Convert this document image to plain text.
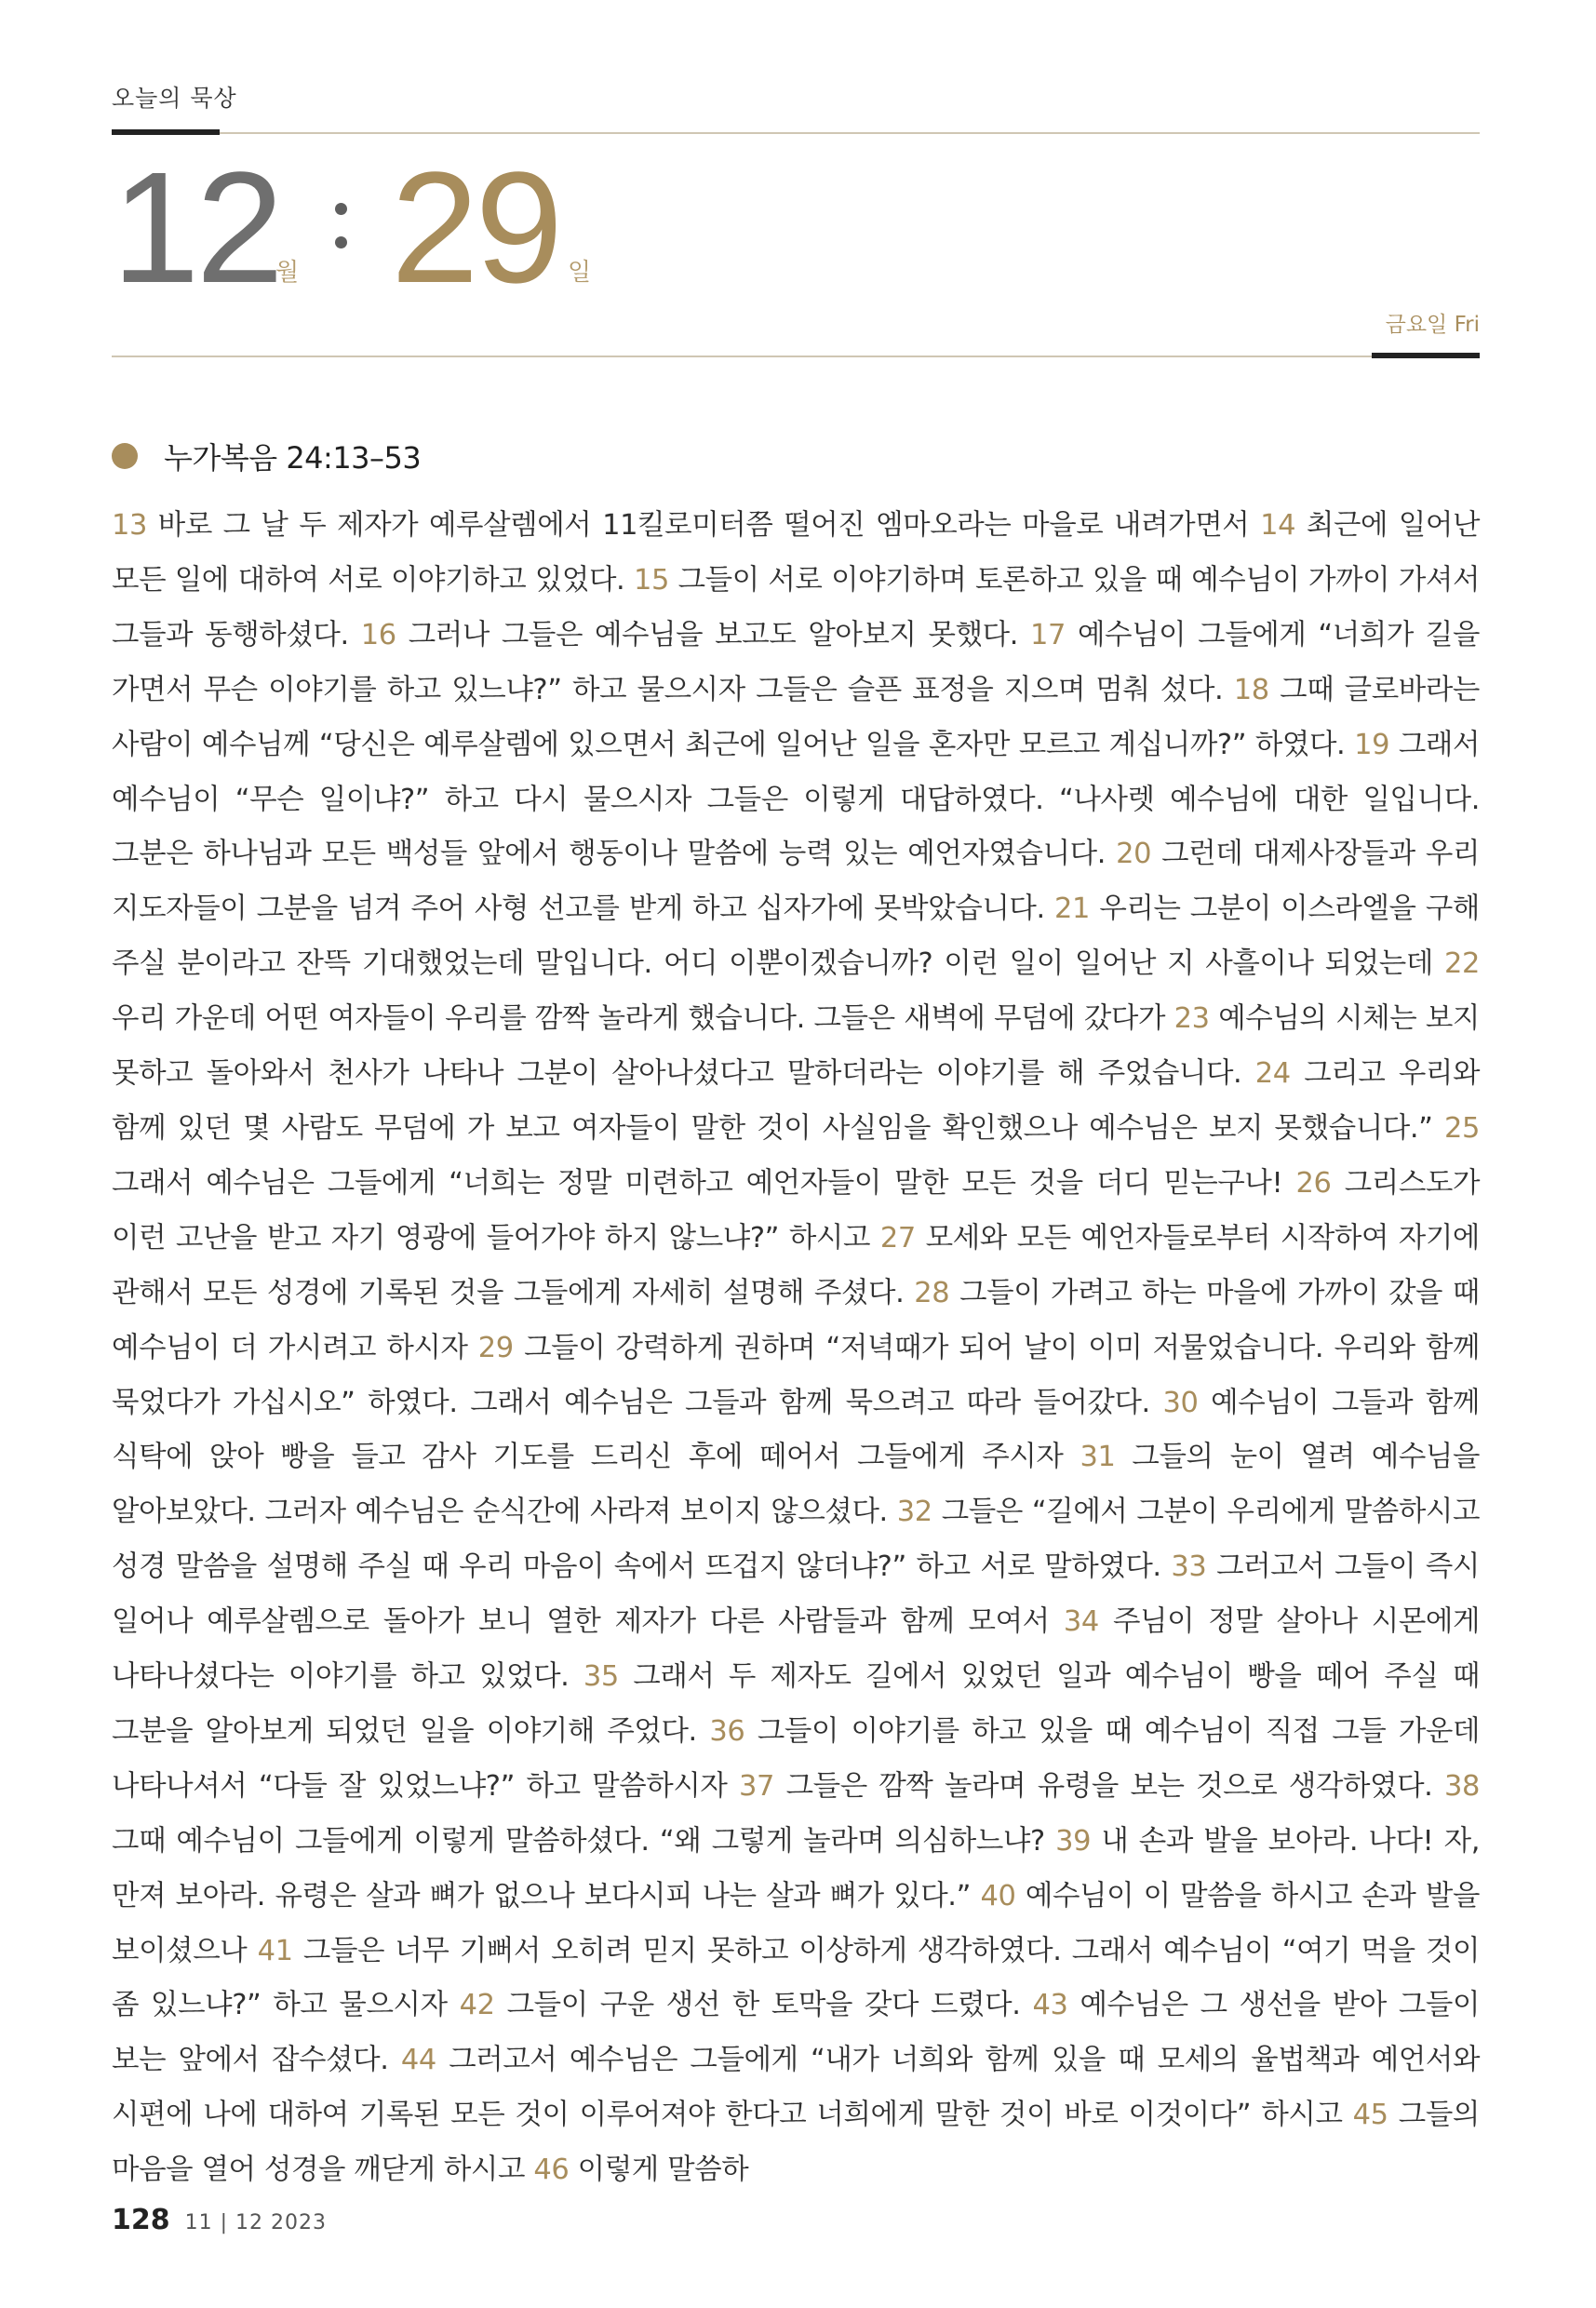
오늘의 묵상
12
월 29 일
금요일 Fri
누가복음 24:13–53
13 바로 그 날 두 제자가 예루살렘에서 11킬로미터쯤 떨어진 엠마오라는 마을로 내려가면서 14 최근에 일어난 모든 일에 대하여 서로 이야기하고 있었다. 15 그들이 서로 이야기하며 토론하고 있을 때 예수님이 가까이 가셔서 그들과 동행하셨다. 16 그러나 그들은 예수님을 보고도 알아보지 못했다. 17 예수님이 그들에게 “너희가 길을 가면서 무슨 이야기를 하고 있느냐?” 하고 물으시자 그들은 슬픈 표정을 지으며 멈춰 섰다. 18 그때 글로바라는 사람이 예수님께 “당신은 예루살렘에 있으면서 최근에 일어난 일을 혼자만 모르고 계십니까?” 하였다. 19 그래서 예수님이 “무슨 일이냐?” 하고 다시 물으시자 그들은 이렇게 대답하였다. “나사렛 예수님에 대한 일입니다. 그분은 하나님과 모든 백성들 앞에서 행동이나 말씀에 능력 있는 예언자였습니다. 20 그런데 대제사장들과 우리 지도자들이 그분을 넘겨 주어 사형 선고를 받게 하고 십자가에 못박았습니다. 21 우리는 그분이 이스라엘을 구해 주실 분이라고 잔뜩 기대했었는데 말입니다. 어디 이뿐이겠습니까? 이런 일이 일어난 지 사흘이나 되었는데 22 우리 가운데 어떤 여자들이 우리를 깜짝 놀라게 했습니다. 그들은 새벽에 무덤에 갔다가 23 예수님의 시체는 보지 못하고 돌아와서 천사가 나타나 그분이 살아나셨다고 말하더라는 이야기를 해 주었습니다. 24 그리고 우리와 함께 있던 몇 사람도 무덤에 가 보고 여자들이 말한 것이 사실임을 확인했으나 예수님은 보지 못했습니다.” 25 그래서 예수님은 그들에게 “너희는 정말 미련하고 예언자들이 말한 모든 것을 더디 믿는구나! 26 그리스도가 이런 고난을 받고 자기 영광에 들어가야 하지 않느냐?” 하시고 27 모세와 모든 예언자들로부터 시작하여 자기에 관해서 모든 성경에 기록된 것을 그들에게 자세히 설명해 주셨다. 28 그들이 가려고 하는 마을에 가까이 갔을 때 예수님이 더 가시려고 하시자 29 그들이 강력하게 권하며 “저녁때가 되어 날이 이미 저물었습니다. 우리와 함께 묵었다가 가십시오” 하였다. 그래서 예수님은 그들과 함께 묵으려고 따라 들어갔다. 30 예수님이 그들과 함께 식탁에 앉아 빵을 들고 감사 기도를 드리신 후에 떼어서 그들에게 주시자 31 그들의 눈이 열려 예수님을 알아보았다. 그러자 예수님은 순식간에 사라져 보이지 않으셨다. 32 그들은 “길에서 그분이 우리에게 말씀하시고 성경 말씀을 설명해 주실 때 우리 마음이 속에서 뜨겁지 않더냐?” 하고 서로 말하였다. 33 그러고서 그들이 즉시 일어나 예루살렘으로 돌아가 보니 열한 제자가 다른 사람들과 함께 모여서 34 주님이 정말 살아나 시몬에게 나타나셨다는 이야기를 하고 있었다. 35 그래서 두 제자도 길에서 있었던 일과 예수님이 빵을 떼어 주실 때 그분을 알아보게 되었던 일을 이야기해 주었다. 36 그들이 이야기를 하고 있을 때 예수님이 직접 그들 가운데 나타나셔서 “다들 잘 있었느냐?” 하고 말씀하시자 37 그들은 깜짝 놀라며 유령을 보는 것으로 생각하였다. 38 그때 예수님이 그들에게 이렇게 말씀하셨다. “왜 그렇게 놀라며 의심하느냐? 39 내 손과 발을 보아라. 나다! 자, 만져 보아라. 유령은 살과 뼈가 없으나 보다시피 나는 살과 뼈가 있다.” 40 예수님이 이 말씀을 하시고 손과 발을 보이셨으나 41 그들은 너무 기뻐서 오히려 믿지 못하고 이상하게 생각하였다. 그래서 예수님이 “여기 먹을 것이 좀 있느냐?” 하고 물으시자 42 그들이 구운 생선 한 토막을 갖다 드렸다. 43 예수님은 그 생선을 받아 그들이 보는 앞에서 잡수셨다. 44 그러고서 예수님은 그들에게 “내가 너희와 함께 있을 때 모세의 율법책과 예언서와 시편에 나에 대하여 기록된 모든 것이 이루어져야 한다고 너희에게 말한 것이 바로 이것이다” 하시고 45 그들의 마음을 열어 성경을 깨닫게 하시고 46 이렇게 말씀하
128 11 | 12 2023
